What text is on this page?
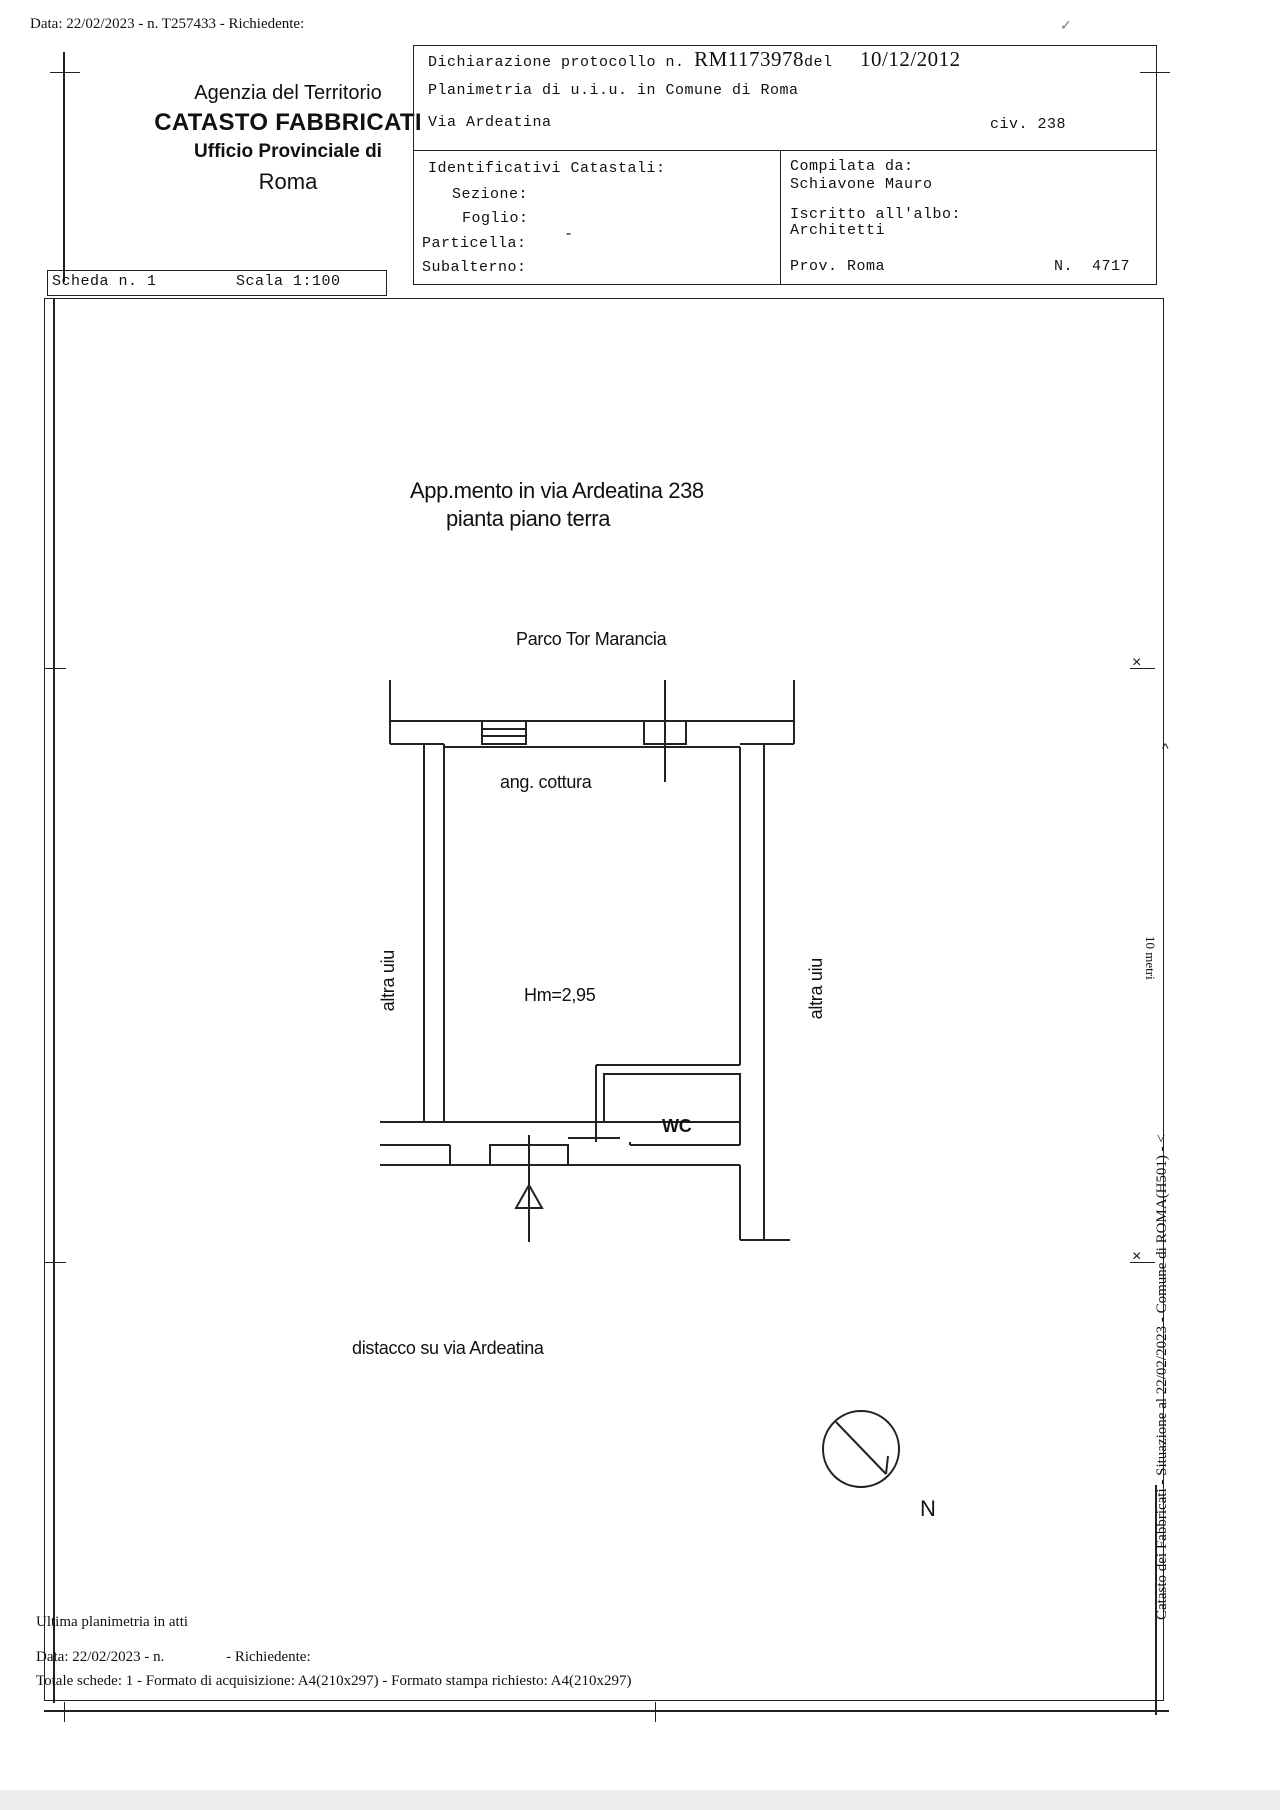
Data: 22/02/2023 - n. T257433 - Richiedente:	✓
Agenzia del Territorio
CATASTO FABBRICATI
Ufficio Provinciale di
Roma
Dichiarazione protocollo n. RM1173978del 10/12/2012
Planimetria di u.i.u. in Comune di Roma
Via Ardeatina	civ. 238
Identificativi Catastali:
Sezione:
Foglio:
Particella:
-
Subalterno:
Compilata da:
Schiavone Mauro
Iscritto all'albo:
Architetti
Prov. Roma	N. 4717
Scheda n. 1	Scala 1:100
×
×
App.mento in via Ardeatina 238
pianta piano terra
Parco Tor Marancia
ang. cottura
Hm=2,95
WC
altra uiu	altra uiu
distacco su via Ardeatina
N
10 metri
^
Catasto dei Fabbricati - Situazione al 22/02/2023 - Comune di ROMA(H501) - <
Ultima planimetria in atti
Data: 22/02/2023 - n.	- Richiedente:
Totale schede: 1 - Formato di acquisizione: A4(210x297) - Formato stampa richiesto: A4(210x297)
